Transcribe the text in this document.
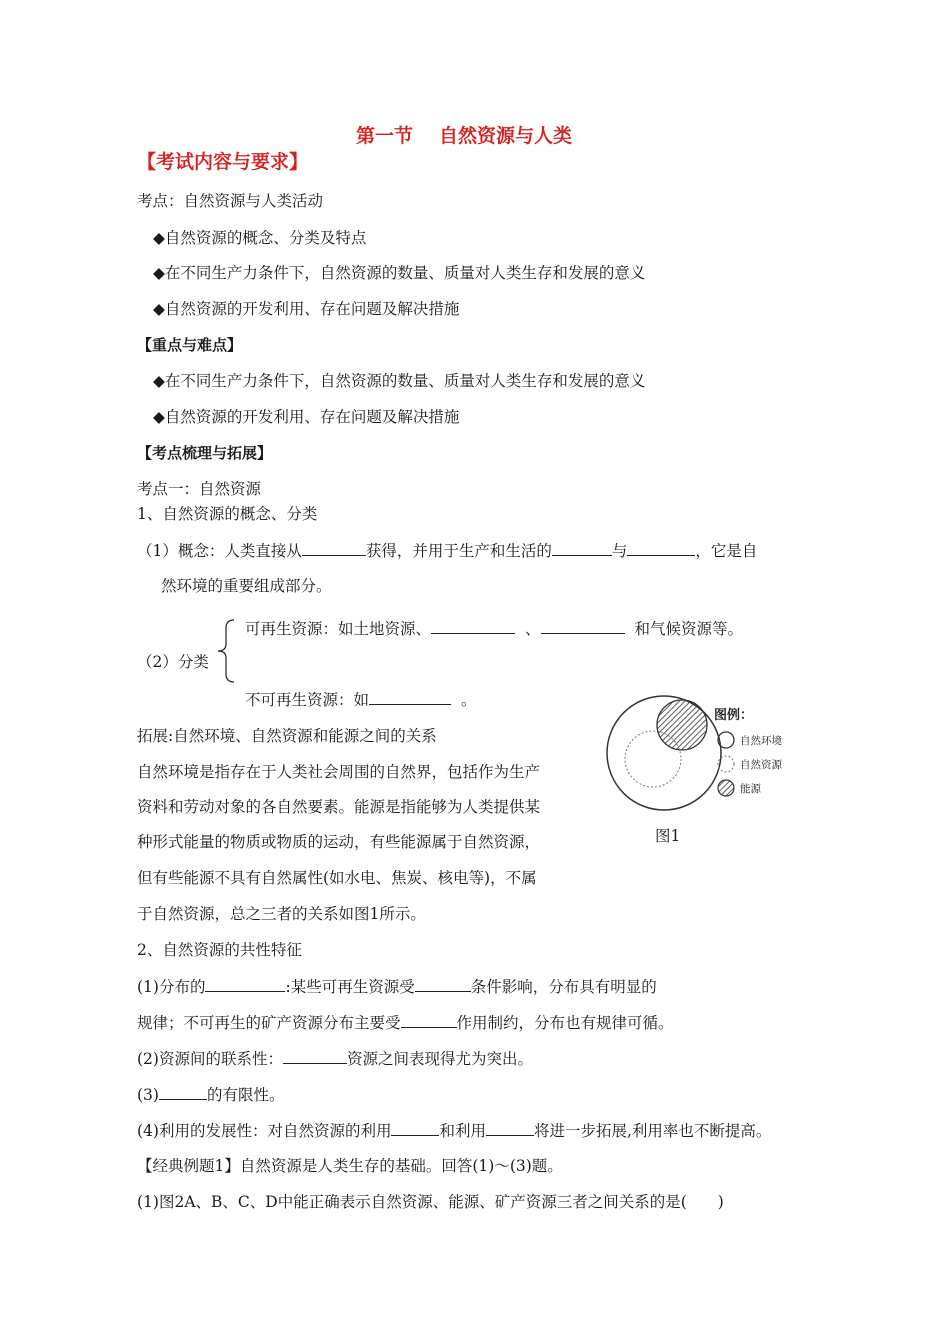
第一节 自然资源与人类
【考试内容与要求】
考点：自然资源与人类活动
◆自然资源的概念、分类及特点
◆在不同生产力条件下，自然资源的数量、质量对人类生存和发展的意义
◆自然资源的开发利用、存在问题及解决措施
【重点与难点】
◆在不同生产力条件下，自然资源的数量、质量对人类生存和发展的意义
◆自然资源的开发利用、存在问题及解决措施
【考点梳理与拓展】
考点一：自然资源
1、自然资源的概念、分类
（1）概念：人类直接从	获得，并用于生产和生活的	与	，它是自
然环境的重要组成部分。
可再生资源：如土地资源、	、	和气候资源等。
（2）分类
不可再生资源：如	。
拓展:自然环境、自然资源和能源之间的关系
自然环境是指存在于人类社会周围的自然界，包括作为生产
资料和劳动对象的各自然要素。能源是指能够为人类提供某
种形式能量的物质或物质的运动，有些能源属于自然资源，
但有些能源不具有自然属性(如水电、焦炭、核电等)，不属
于自然资源，总之三者的关系如图1所示。
图例：
自然环境
自然资源
能源
图1
2、自然资源的共性特征
(1)分布的	:某些可再生资源受	条件影响，分布具有明显的
规律；不可再生的矿产资源分布主要受	作用制约，分布也有规律可循。
(2)资源间的联系性：	资源之间表现得尤为突出。
(3)	的有限性。
(4)利用的发展性：对自然资源的利用	和利用	将进一步拓展,利用率也不断提高。
【经典例题1】自然资源是人类生存的基础。回答(1)～(3)题。
(1)图2A、B、C、D中能正确表示自然资源、能源、矿产资源三者之间关系的是(　　)
